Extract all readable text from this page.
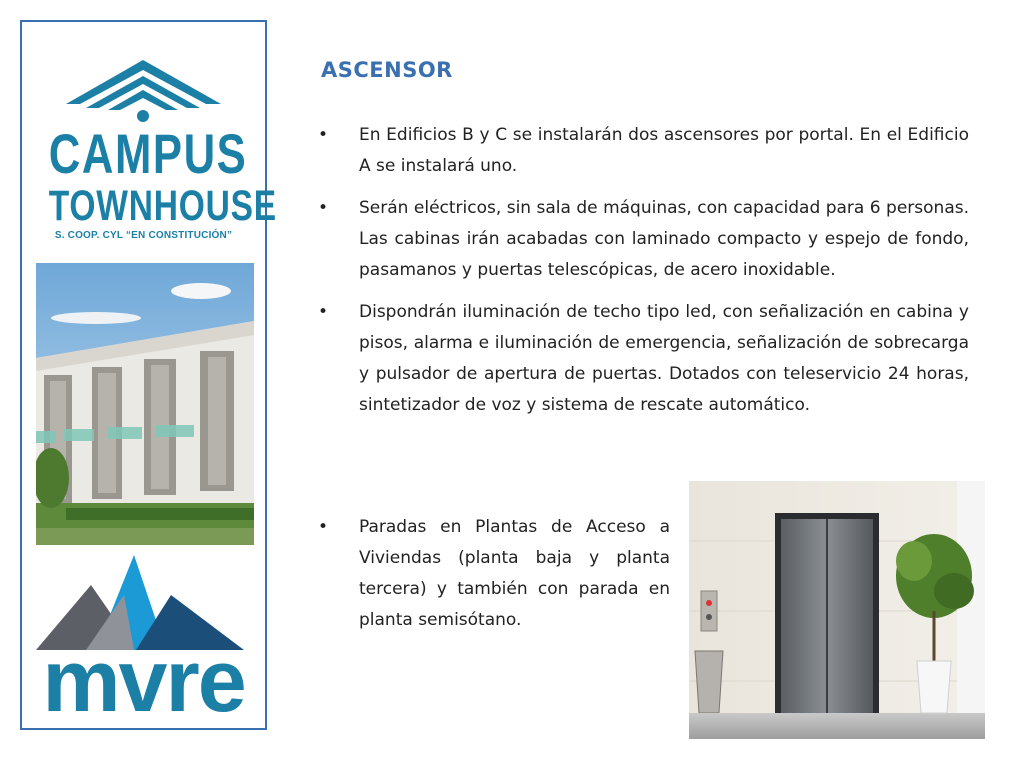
CAMPUS
TOWNHOUSE
S. COOP. CYL “EN CONSTITUCIÓN”
mvre
ASCENSOR
• En Edificios B y C se instalarán dos ascensores por portal. En el Edificio A se instalará uno.
• Serán eléctricos, sin sala de máquinas, con capacidad para 6 personas. Las cabinas irán acabadas con laminado compacto y espejo de fondo, pasamanos y puertas telescópicas, de acero inoxidable.
• Dispondrán iluminación de techo tipo led, con señalización en cabina y pisos, alarma e iluminación de emergencia, señalización de sobrecarga y pulsador de apertura de puertas. Dotados con teleservicio 24 horas, sintetizador de voz y sistema de rescate automático.
• Paradas en Plantas de Acceso a Viviendas (planta baja y planta tercera) y también con parada en planta semisótano.
